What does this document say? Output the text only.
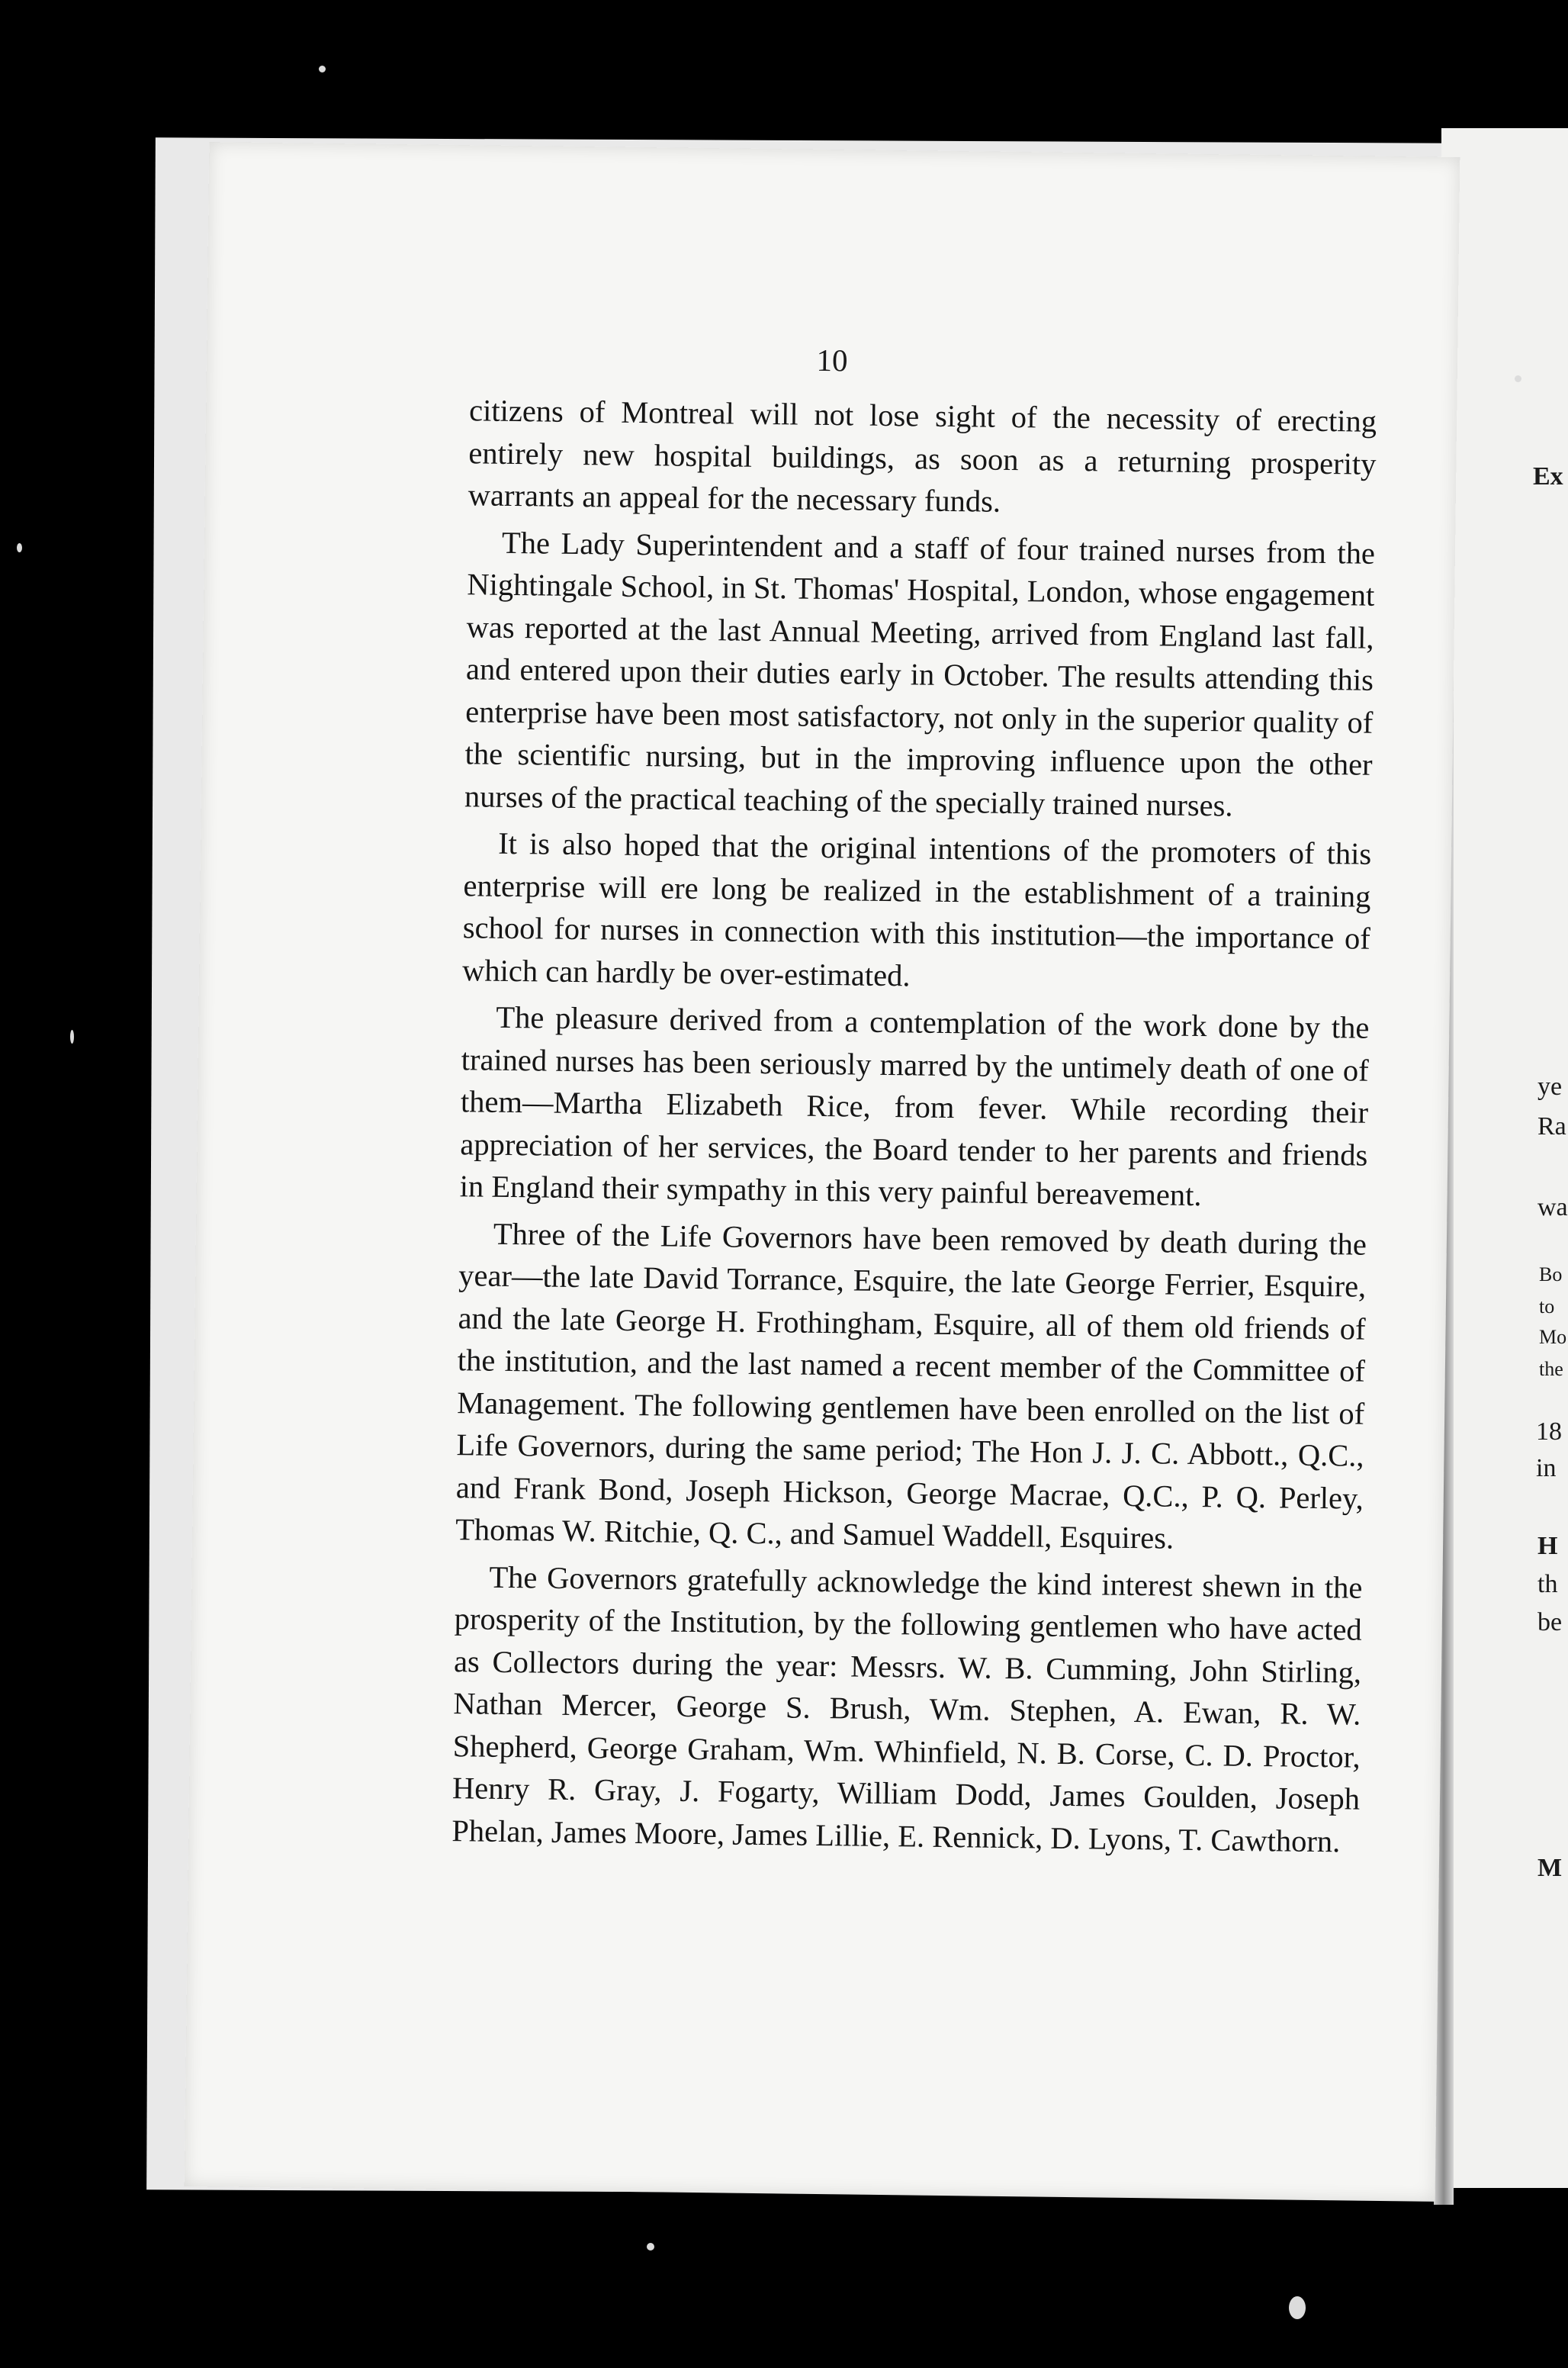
Ex
ye
Ra
wa
Bo
to
Mo
the
18
in
H
th
be
M
10

citizens of Montreal will not lose sight of the necessity of erecting entirely new hospital buildings, as soon as a returning prosperity warrants an appeal for the necessary funds.

The Lady Superintendent and a staff of four trained nurses from the Nightingale School, in St. Thomas' Hospital, London, whose engagement was reported at the last Annual Meeting, arrived from England last fall, and entered upon their duties early in October. The results attending this enterprise have been most satisfactory, not only in the superior quality of the scientific nursing, but in the improving influence upon the other nurses of the practical teaching of the specially trained nurses.

It is also hoped that the original intentions of the promoters of this enterprise will ere long be realized in the establishment of a training school for nurses in connection with this institution—the importance of which can hardly be over-estimated.

The pleasure derived from a contemplation of the work done by the trained nurses has been seriously marred by the untimely death of one of them—Martha Elizabeth Rice, from fever. While recording their appreciation of her services, the Board tender to her parents and friends in England their sympathy in this very painful bereavement.

Three of the Life Governors have been removed by death during the year—the late David Torrance, Esquire, the late George Ferrier, Esquire, and the late George H. Frothingham, Esquire, all of them old friends of the institution, and the last named a recent member of the Committee of Management. The following gentlemen have been enrolled on the list of Life Governors, during the same period; The Hon J. J. C. Abbott., Q.C., and Frank Bond, Joseph Hickson, George Macrae, Q.C., P. Q. Perley, Thomas W. Ritchie, Q. C., and Samuel Waddell, Esquires.

The Governors gratefully acknowledge the kind interest shewn in the prosperity of the Institution, by the following gentlemen who have acted as Collectors during the year: Messrs. W. B. Cumming, John Stirling, Nathan Mercer, George S. Brush, Wm. Stephen, A. Ewan, R. W. Shepherd, George Graham, Wm. Whinfield, N. B. Corse, C. D. Proctor, Henry R. Gray, J. Fogarty, William Dodd, James Goulden, Joseph Phelan, James Moore, James Lillie, E. Rennick, D. Lyons, T. Cawthorn.
